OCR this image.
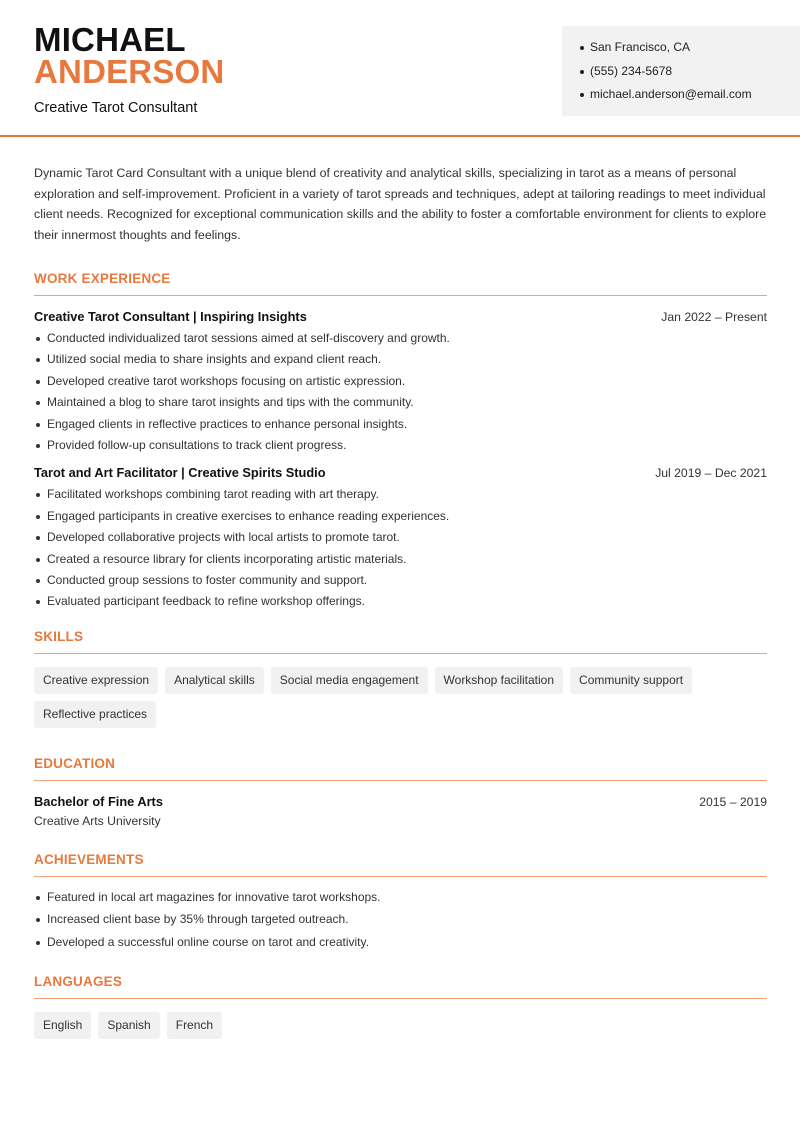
MICHAEL
ANDERSON
Creative Tarot Consultant
San Francisco, CA
(555) 234-5678
michael.anderson@email.com

Dynamic Tarot Card Consultant with a unique blend of creativity and analytical skills, specializing in tarot as a means of personal exploration and self-improvement. Proficient in a variety of tarot spreads and techniques, adept at tailoring readings to meet individual client needs. Recognized for exceptional communication skills and the ability to foster a comfortable environment for clients to explore their innermost thoughts and feelings.

WORK EXPERIENCE
Creative Tarot Consultant | Inspiring Insights	Jan 2022 – Present
Conducted individualized tarot sessions aimed at self-discovery and growth.
Utilized social media to share insights and expand client reach.
Developed creative tarot workshops focusing on artistic expression.
Maintained a blog to share tarot insights and tips with the community.
Engaged clients in reflective practices to enhance personal insights.
Provided follow-up consultations to track client progress.
Tarot and Art Facilitator | Creative Spirits Studio	Jul 2019 – Dec 2021
Facilitated workshops combining tarot reading with art therapy.
Engaged participants in creative exercises to enhance reading experiences.
Developed collaborative projects with local artists to promote tarot.
Created a resource library for clients incorporating artistic materials.
Conducted group sessions to foster community and support.
Evaluated participant feedback to refine workshop offerings.
SKILLS
Creative expression	Analytical skills	Social media engagement	Workshop facilitation	Community support
Reflective practices
EDUCATION
Bachelor of Fine Arts	2015 – 2019
Creative Arts University
ACHIEVEMENTS
Featured in local art magazines for innovative tarot workshops.
Increased client base by 35% through targeted outreach.
Developed a successful online course on tarot and creativity.
LANGUAGES
English	Spanish	French
